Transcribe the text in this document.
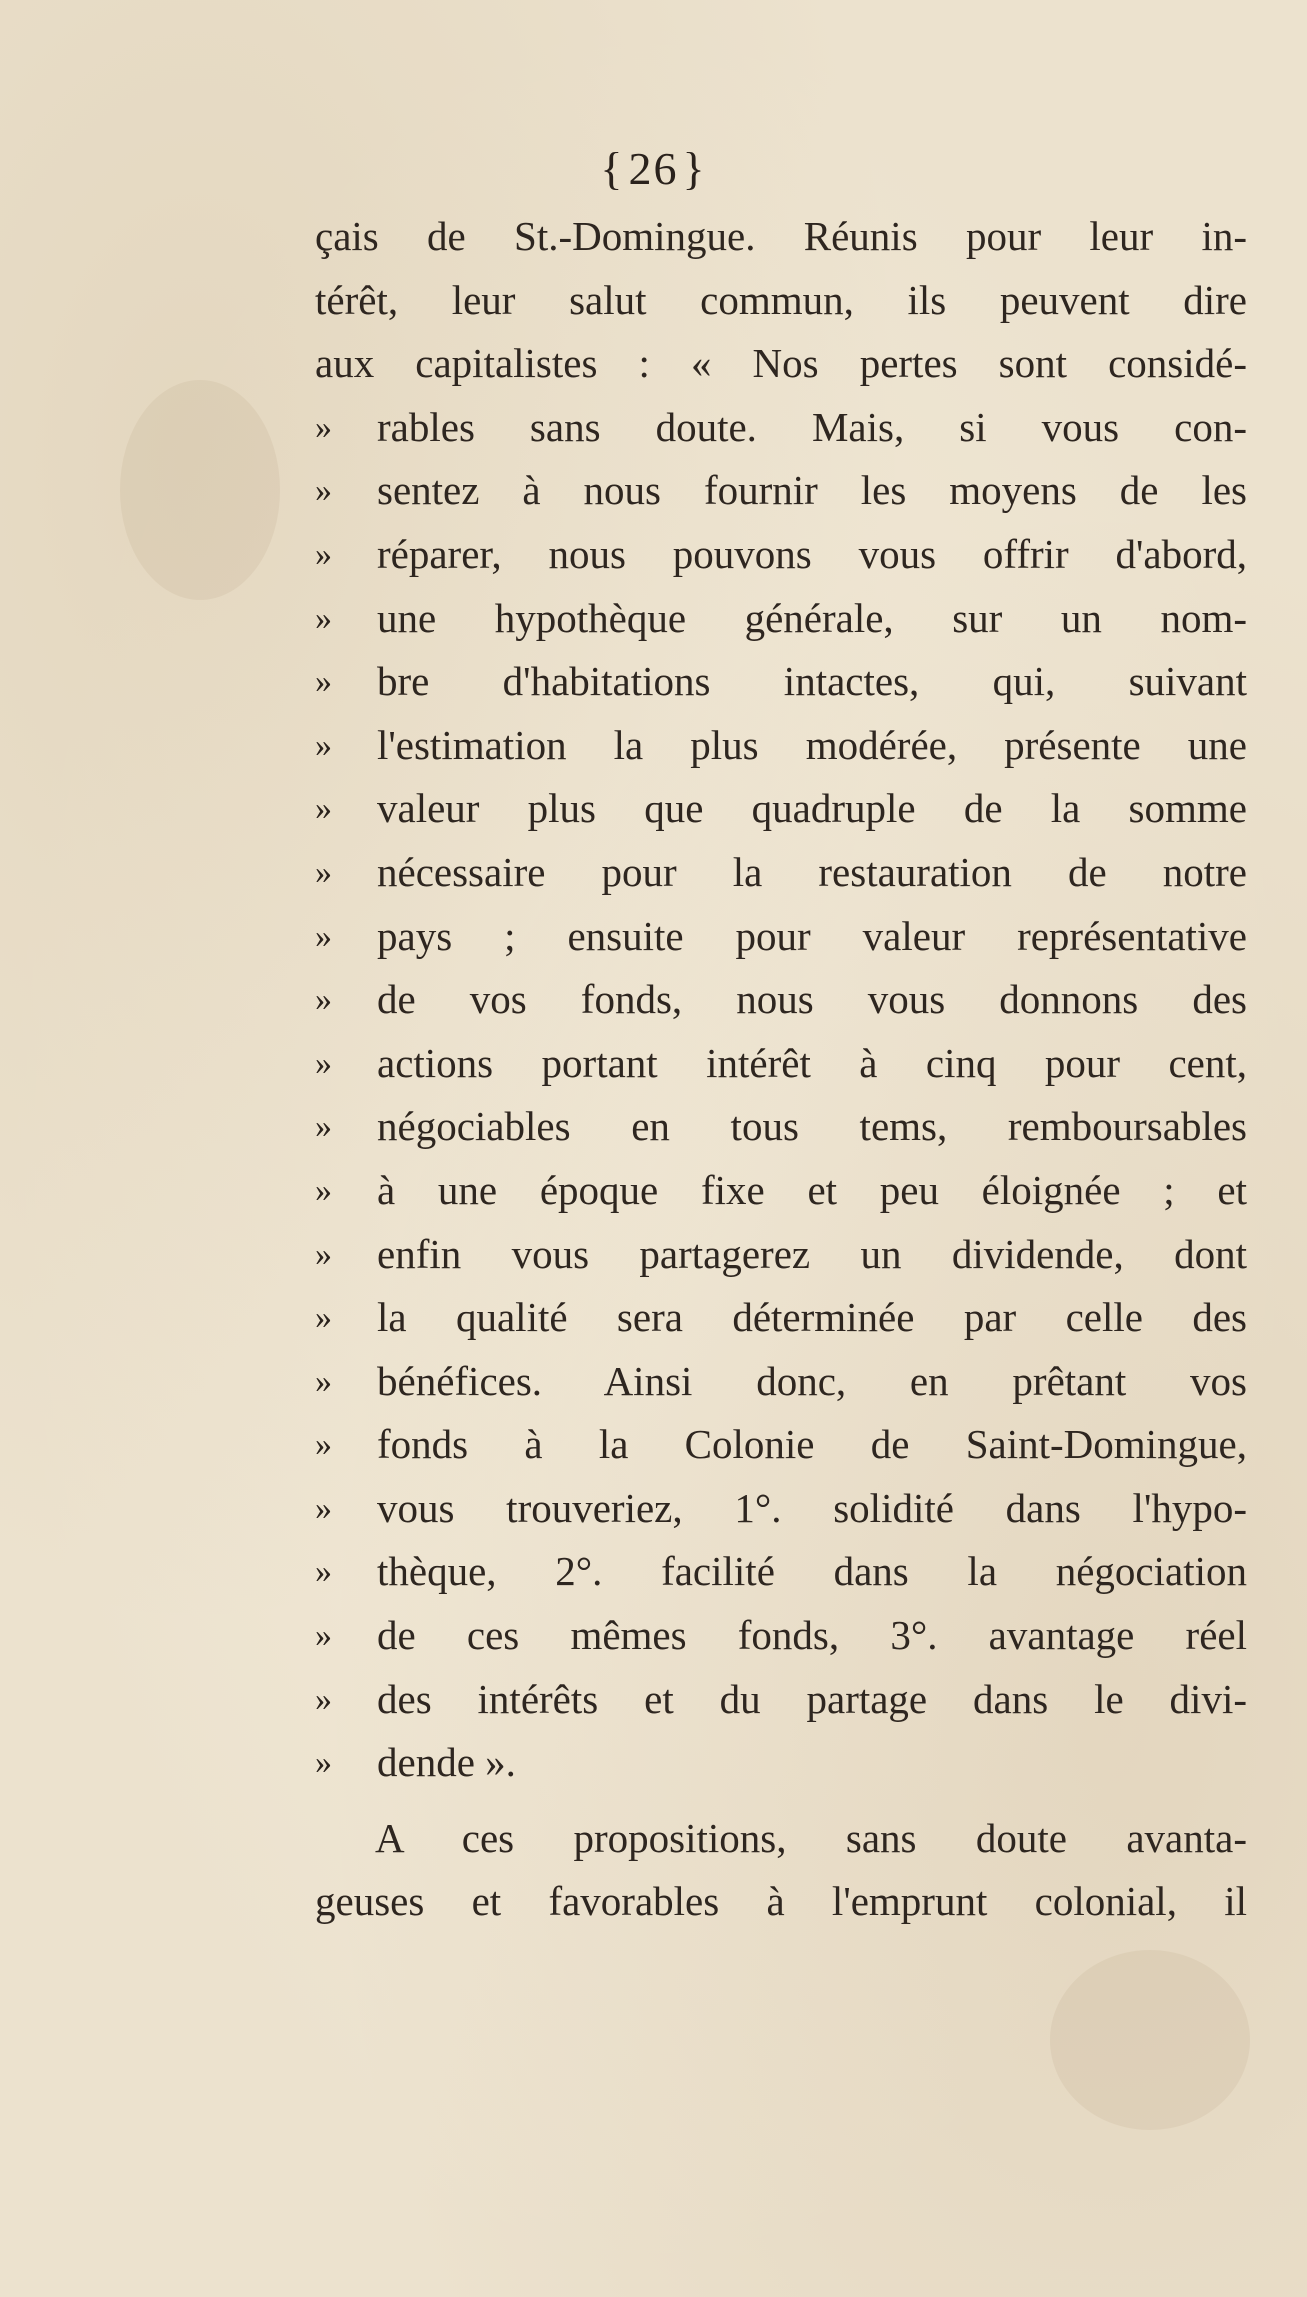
{26}
çais de St.-Domingue. Réunis pour leur in-
térêt, leur salut commun, ils peuvent dire
aux capitalistes : « Nos pertes sont considé-
»	rables sans doute. Mais, si vous con-
»	sentez à nous fournir les moyens de les
»	réparer, nous pouvons vous offrir d'abord,
»	une hypothèque générale, sur un nom-
»	bre d'habitations intactes, qui, suivant
»	l'estimation la plus modérée, présente une
»	valeur plus que quadruple de la somme
»	nécessaire pour la restauration de notre
»	pays ; ensuite pour valeur représentative
»	de vos fonds, nous vous donnons des
»	actions portant intérêt à cinq pour cent,
»	négociables en tous tems, remboursables
»	à une époque fixe et peu éloignée ; et
»	enfin vous partagerez un dividende, dont
»	la qualité sera déterminée par celle des
»	bénéfices. Ainsi donc, en prêtant vos
»	fonds à la Colonie de Saint-Domingue,
»	vous trouveriez, 1°. solidité dans l'hypo-
»	thèque, 2°. facilité dans la négociation
»	de ces mêmes fonds, 3°. avantage réel
»	des intérêts et du partage dans le divi-
»	dende ».
A ces propositions, sans doute avanta-
geuses et favorables à l'emprunt colonial, il
